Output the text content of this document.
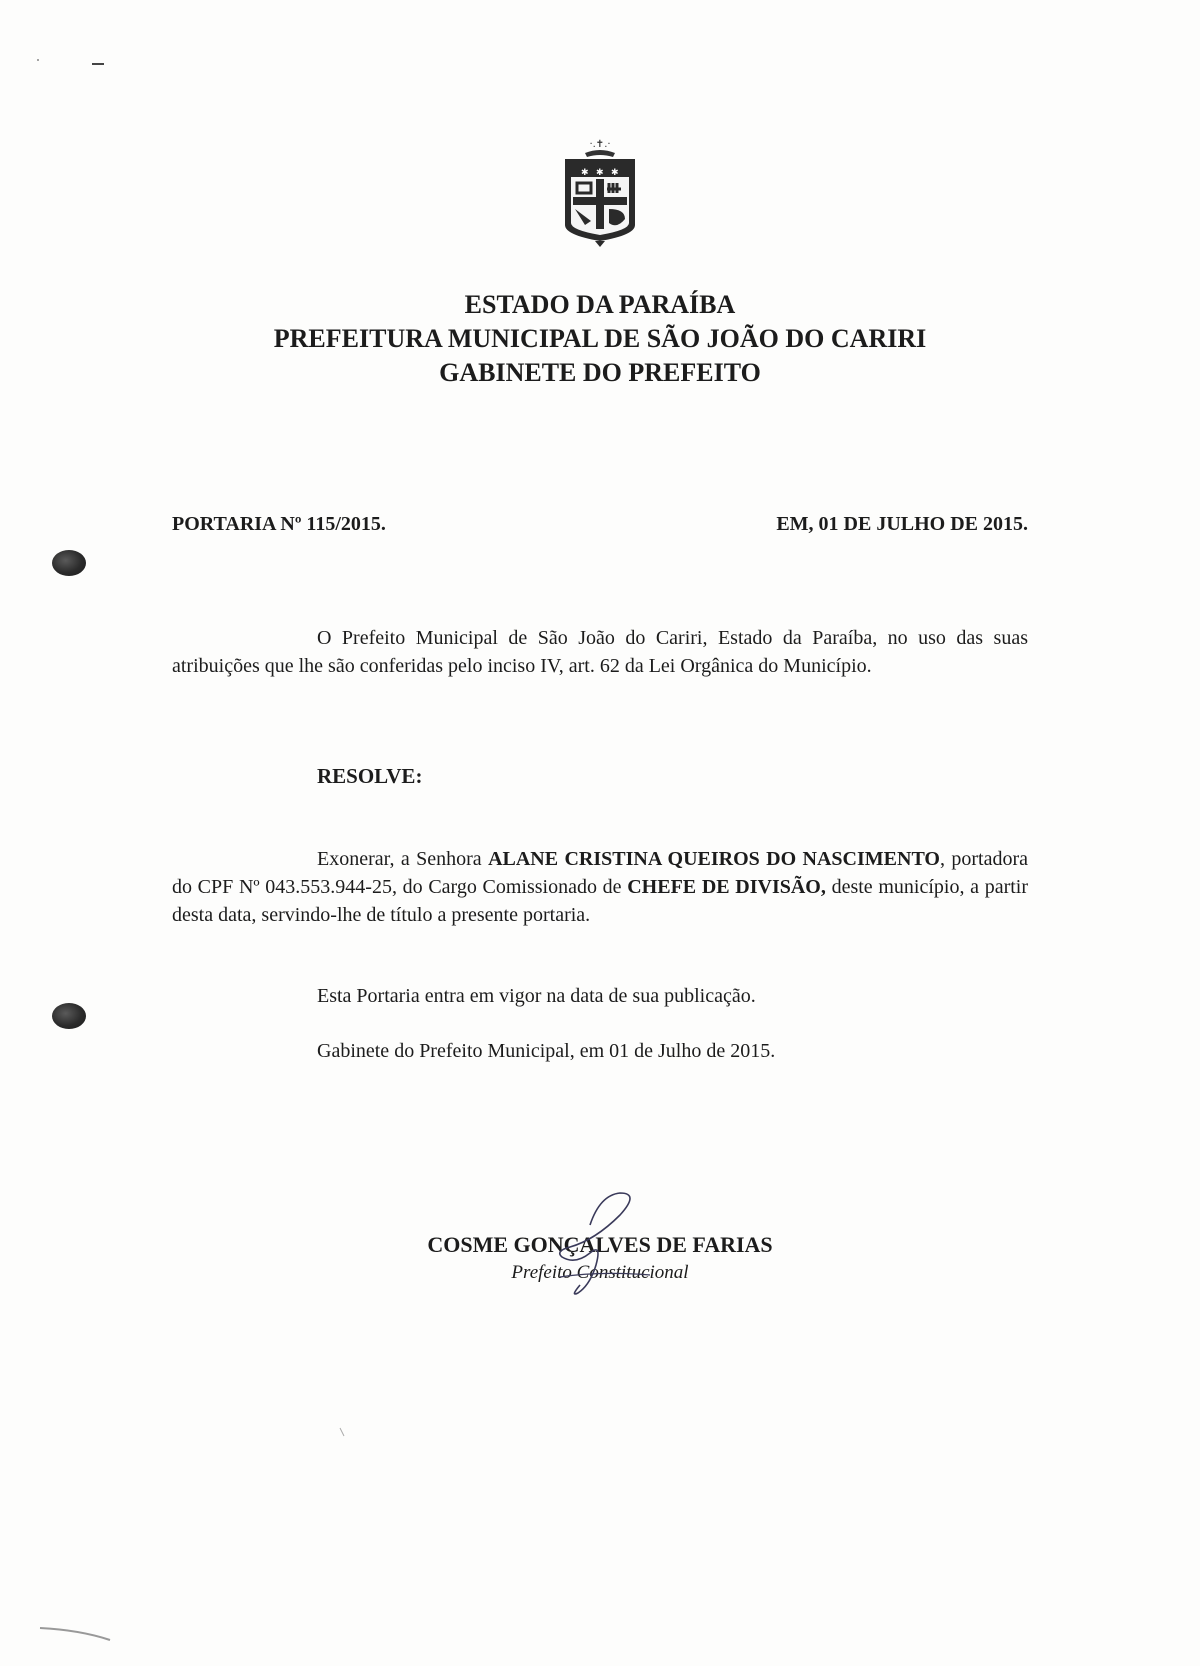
·.✝.·
✱ ✱ ✱
ESTADO DA PARAÍBA
PREFEITURA MUNICIPAL DE SÃO JOÃO DO CARIRI
GABINETE DO PREFEITO
PORTARIA Nº 115/2015.	EM, 01 DE JULHO DE 2015.
O Prefeito Municipal de São João do Cariri, Estado da Paraíba, no uso das suas atribuições que lhe são conferidas pelo inciso IV, art. 62 da Lei Orgânica do Município.
RESOLVE:
Exonerar, a Senhora ALANE CRISTINA QUEIROS DO NASCIMENTO, portadora do CPF Nº 043.553.944-25, do Cargo Comissionado de CHEFE DE DIVISÃO, deste município, a partir desta data, servindo-lhe de título a presente portaria.
Esta Portaria entra em vigor na data de sua publicação.
Gabinete do Prefeito Municipal, em 01 de Julho de 2015.
COSME GONÇALVES DE FARIAS
Prefeito Constitucional
